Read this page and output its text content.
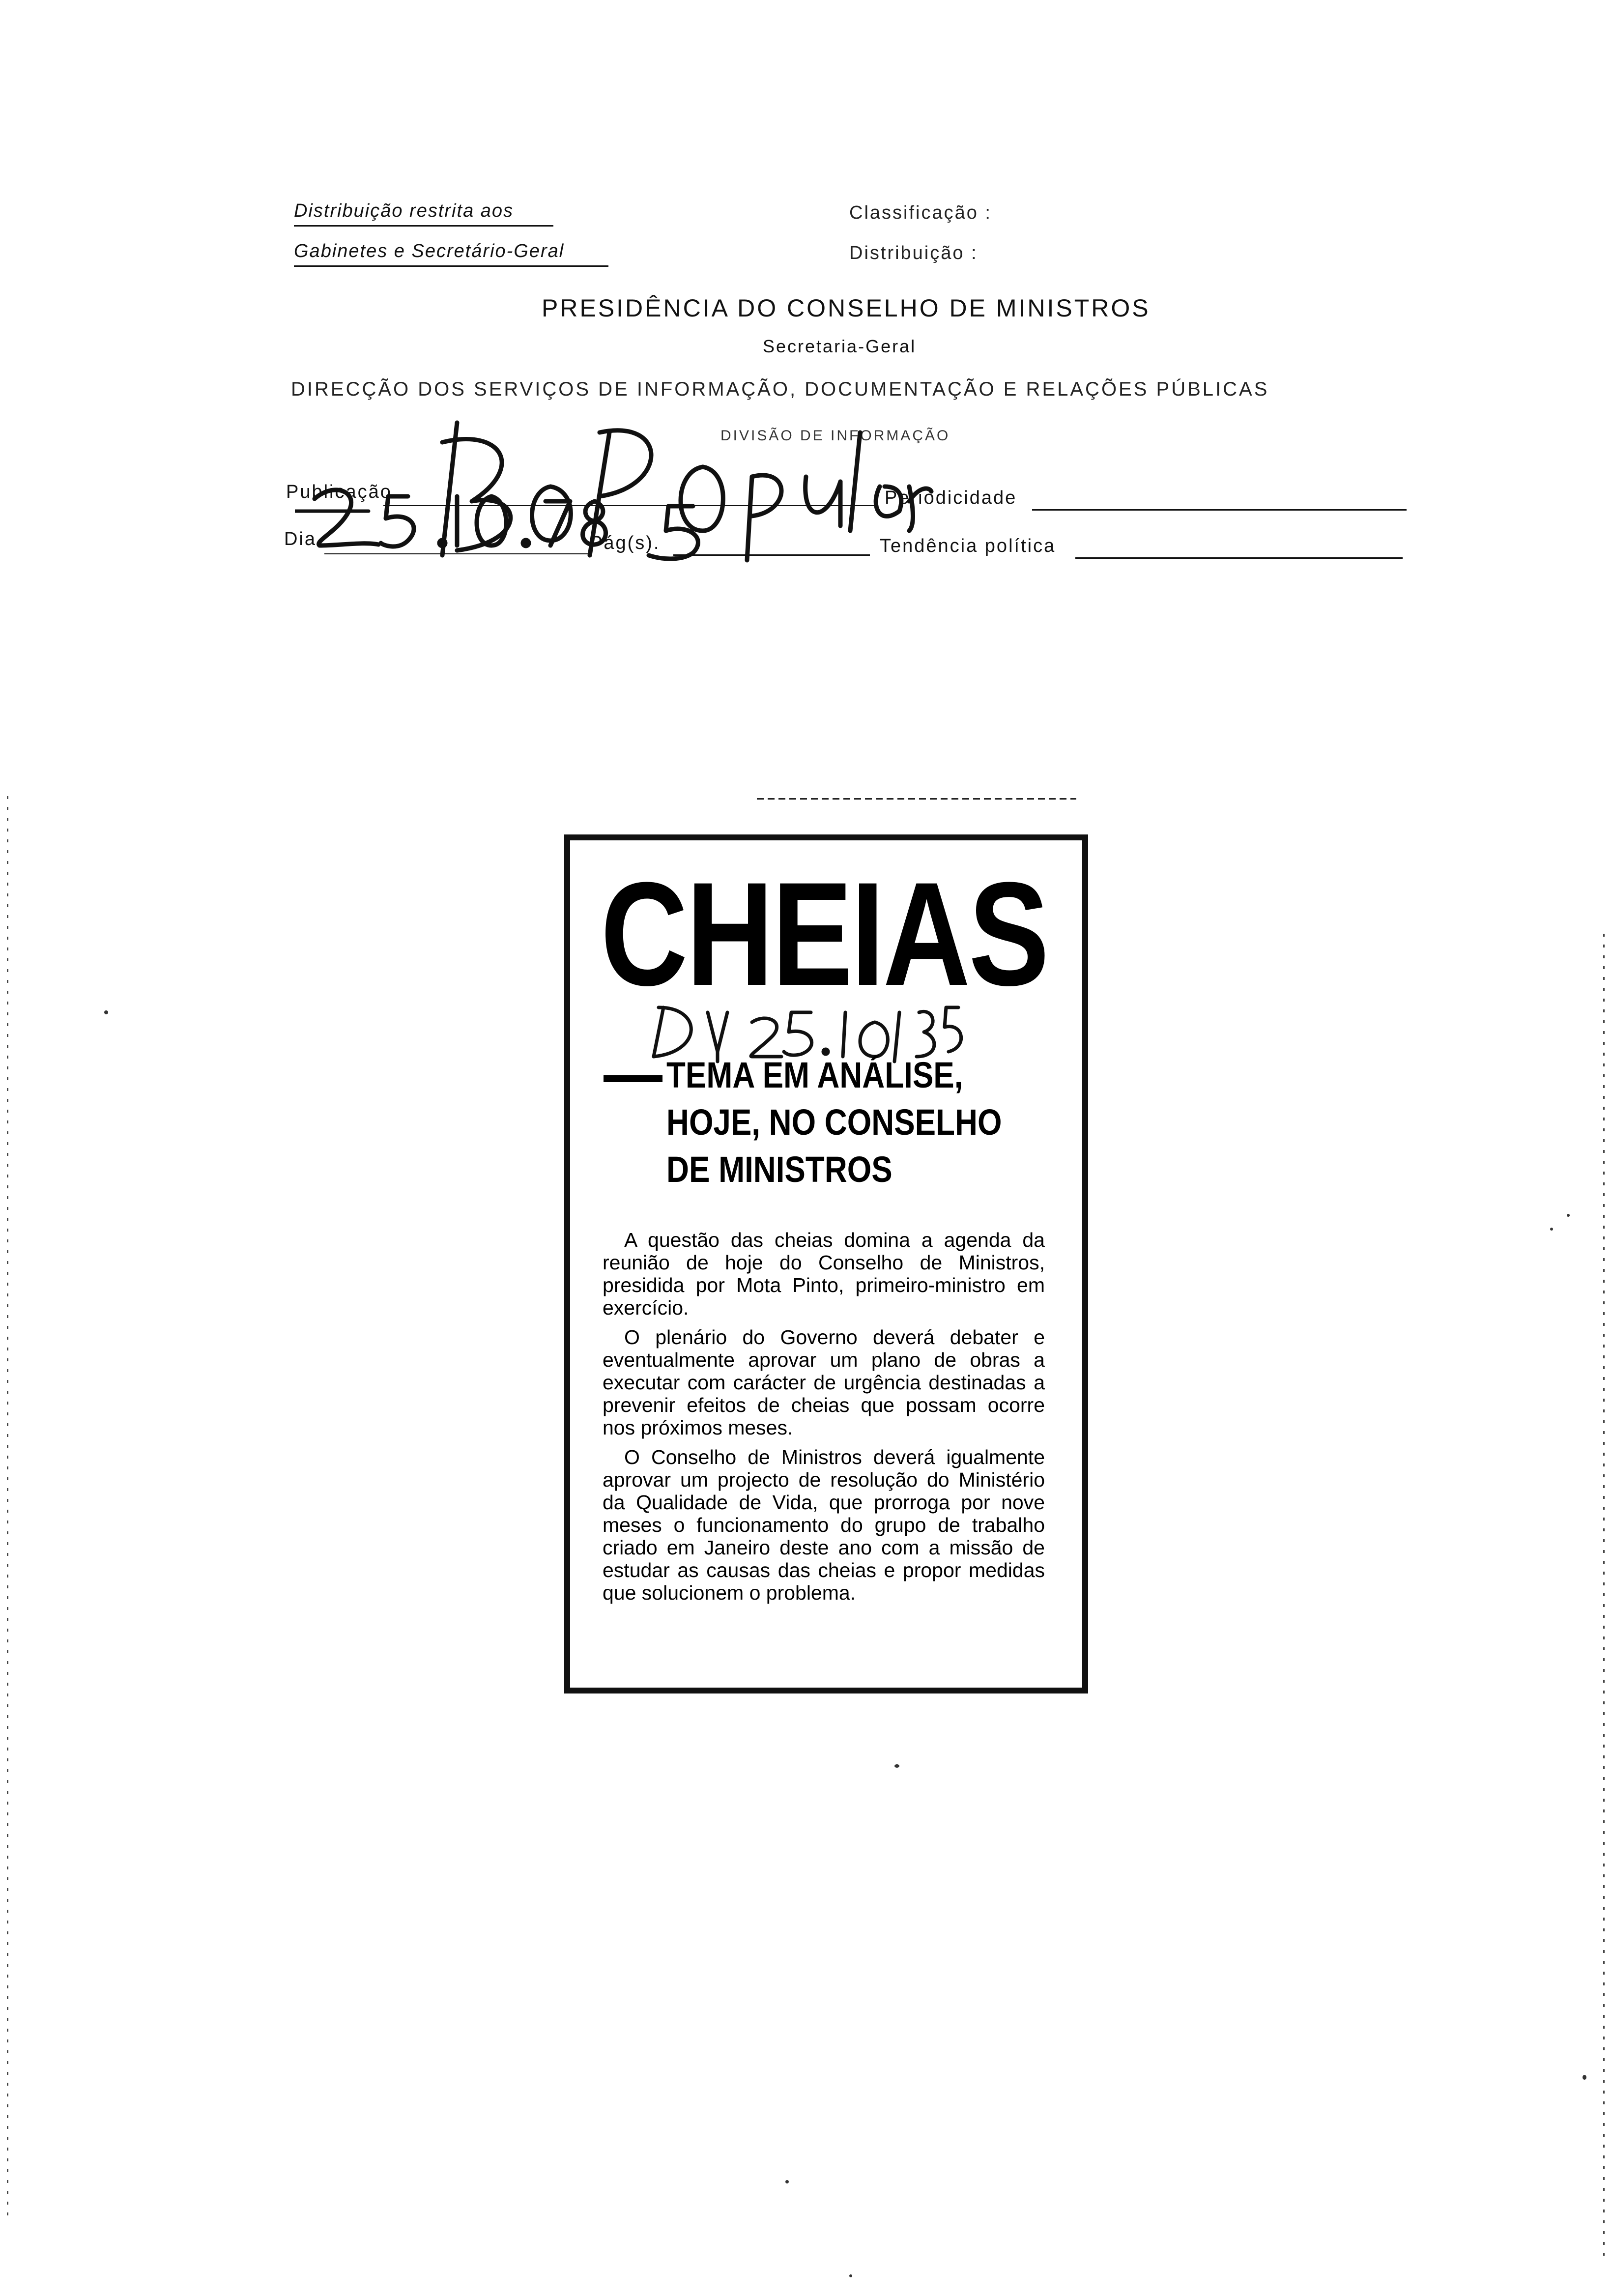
Distribuição restrita aos
Gabinetes e Secretário-Geral
Classificação :
Distribuição :
PRESIDÊNCIA DO CONSELHO DE MINISTROS
Secretaria-Geral
DIRECÇÃO DOS SERVIÇOS DE INFORMAÇÃO, DOCUMENTAÇÃO E RELAÇÕES PÚBLICAS
DIVISÃO DE INFORMAÇÃO
Publicação	Periodicidade
Dia	Pág(s).	Tendência política
CHEIAS
TEMA EM ANÁLISE,
HOJE, NO CONSELHO
DE MINISTROS

A questão das cheias domina a agenda da reunião de hoje do Conselho de Ministros, presidida por Mota Pinto, primeiro-ministro em exercício.

O plenário do Governo deverá debater e eventualmente aprovar um plano de obras a executar com carácter de urgência destinadas a prevenir efeitos de cheias que possam ocorre nos próximos meses.

O Conselho de Ministros deverá igualmente aprovar um projecto de resolução do Ministério da Qualidade de Vida, que prorroga por nove meses o funcionamento do grupo de trabalho criado em Janeiro deste ano com a missão de estudar as causas das cheias e propor medidas que solucionem o problema.
